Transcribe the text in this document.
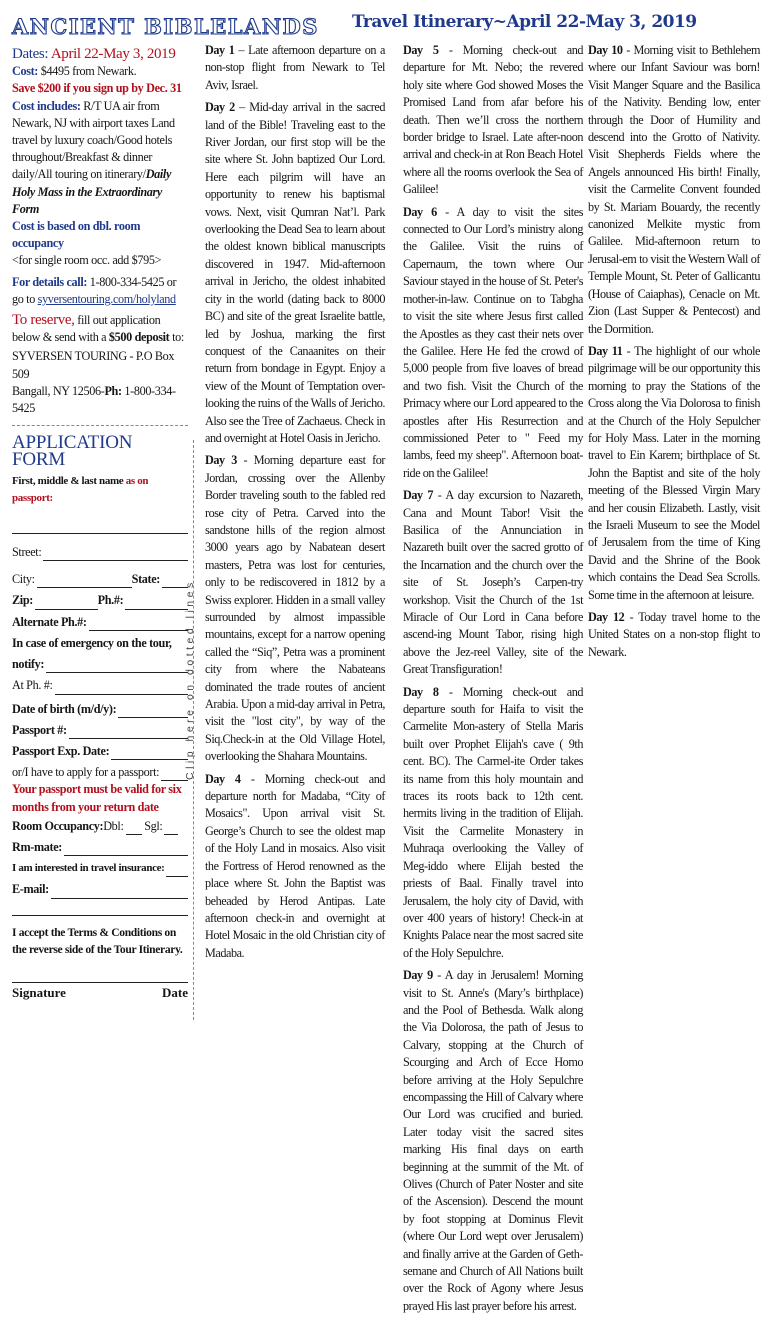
ANCIENT BIBLELANDS

Dates: April 22-May 3, 2019

Cost: $4495 from Newark.

Save $200 if you sign up by Dec. 31

Cost includes: R/T UA air from Newark, NJ with airport taxes Land travel by luxury coach/Good hotels throughout/Breakfast & dinner daily/All touring on itinerary/Daily Holy Mass in the Extraordinary Form

Cost is based on dbl. room occupancy

<for single room occ. add $795>

For details call: 1-800-334-5425 or go to syversentouring.com/holyland

To reserve, fill out application below & send with a $500 deposit to:

SYVERSEN TOURING - P.O Box 509

Bangall, NY 12506-Ph: 1-800-334-5425

APPLICATION FORM

First, middle & last name as on passport:

Street:

City:	State:

Zip:	Ph.#:

Alternate Ph.#:

In case of emergency on the tour,

notify:

At Ph. #:

Date of birth (m/d/y):

Passport #:

Passport Exp. Date:

or/I have to apply for a passport:

Your passport must be valid for six months from your return date

Room Occupancy: Dbl:
Sgl:

Rm-mate:

I am interested in travel insurance:

E-mail:

I accept the Terms & Conditions on the reverse side of the Tour Itinerary.

Signature	Date
Clip here on dotted lines
Travel Itinerary~April 22-May 3, 2019

Day 1 – Late afternoon departure on a non-stop flight from Newark to Tel Aviv, Israel.

Day 2 – Mid-day arrival in the sacred land of the Bible! Traveling east to the River Jordan, our first stop will be the site where St. John baptized Our Lord. Here each pilgrim will have an opportunity to renew his baptismal vows. Next, visit Qumran Nat’l. Park overlooking the Dead Sea to learn about the oldest known biblical manuscripts discovered in 1947. Mid-afternoon arrival in Jericho, the oldest inhabited city in the world (dating back to 8000 BC) and site of the great Israelite battle, led by Joshua, marking the first conquest of the Canaanites on their return from bondage in Egypt. Enjoy a view of the Mount of Temptation over-looking the ruins of the Walls of Jericho. Also see the Tree of Zachaeus. Check in and overnight at Hotel Oasis in Jericho.

Day 3 - Morning departure east for Jordan, crossing over the Allenby Border traveling south to the fabled red rose city of Petra. Carved into the sandstone hills of the region almost 3000 years ago by Nabatean desert masters, Petra was lost for centuries, only to be rediscovered in 1812 by a Swiss explorer. Hidden in a small valley surrounded by almost impassible mountains, except for a narrow opening called the “Siq”, Petra was a prominent city from where the Nabateans dominated the trade routes of ancient Arabia. Upon a mid-day arrival in Petra, visit the "lost city", by way of the Siq.Check-in at the Old Village Hotel, overlooking the Shahara Mountains.

Day 4 - Morning check-out and departure north for Madaba, “City of Mosaics". Upon arrival visit St. George’s Church to see the oldest map of the Holy Land in mosaics. Also visit the Fortress of Herod renowned as the place where St. John the Baptist was beheaded by Herod Antipas. Late afternoon check-in and overnight at Hotel Mosaic in the old Christian city of Madaba.

Day 5 - Morning check-out and departure for Mt. Nebo; the revered holy site where God showed Moses the Promised Land from afar before his death. Then we’ll cross the northern border bridge to Israel. Late after-noon arrival and check-in at Ron Beach Hotel where all the rooms overlook the Sea of Galilee!

Day 6 - A day to visit the sites connected to Our Lord’s ministry along the Galilee. Visit the ruins of Capernaum, the town where Our Saviour stayed in the house of St. Peter's mother-in-law. Continue on to Tabgha to visit the site where Jesus first called the Apostles as they cast their nets over the Galilee. Here He fed the crowd of 5,000 people from five loaves of bread and two fish. Visit the Church of the Primacy where our Lord appeared to the apostles after His Resurrection and commissioned Peter to " Feed my lambs, feed my sheep". Afternoon boat-ride on the Galilee!

Day 7 - A day excursion to Nazareth, Cana and Mount Tabor! Visit the Basilica of the Annunciation in Nazareth built over the sacred grotto of the Incarnation and the church over the site of St. Joseph’s Carpen-try workshop. Visit the Church of the 1st Miracle of Our Lord in Cana before ascend-ing Mount Tabor, rising high above the Jez-reel Valley, site of the Great Transfiguration!

Day 8 - Morning check-out and departure south for Haifa to visit the Carmelite Mon-astery of Stella Maris built over Prophet Elijah's cave ( 9th cent. BC). The Carmel-ite Order takes its name from this holy mountain and traces its roots back to 12th cent. hermits living in the tradition of Elijah. Visit the Carmelite Monastery in Muhraqa overlooking the Valley of Meg-iddo where Elijah bested the priests of Baal. Finally travel into Jerusalem, the holy city of David, with over 400 years of history! Check-in at Knights Palace near the most sacred site of the Holy Sepulchre.

Day 9 - A day in Jerusalem! Morning visit to St. Anne's (Mary’s birthplace) and the Pool of Bethesda. Walk along the Via Dolorosa, the path of Jesus to Calvary, stopping at the Church of Scourging and Arch of Ecce Homo before arriving at the Holy Sepulchre encompassing the Hill of Calvary where Our Lord was crucified and buried. Later today visit the sacred sites marking His final days on earth beginning at the summit of the Mt. of Olives (Church of Pater Noster and site of the Ascension). Descend the mount by foot stopping at Dominus Flevit (where Our Lord wept over Jerusalem) and finally arrive at the Garden of Geth-semane and Church of All Nations built over the Rock of Agony where Jesus prayed His last prayer before his arrest.

Day 10 - Morning visit to Bethlehem where our Infant Saviour was born! Visit Manger Square and the Basilica of the Nativity. Bending low, enter through the Door of Humility and descend into the Grotto of Nativity. Visit Shepherds Fields where the Angels announced His birth! Finally, visit the Carmelite Convent founded by St. Mariam Bouardy, the recently canonized Melkite mystic from Galilee. Mid-afternoon return to Jerusal-em to visit the Western Wall of Temple Mount, St. Peter of Gallicantu (House of Caiaphas), Cenacle on Mt. Zion (Last Supper & Pentecost) and the Dormition.

Day 11 - The highlight of our whole pilgrimage will be our opportunity this morning to pray the Stations of the Cross along the Via Dolorosa to finish at the Church of the Holy Sepulcher for Holy Mass. Later in the morning travel to Ein Karem; birthplace of St. John the Baptist and site of the holy meeting of the Blessed Virgin Mary and her cousin Elizabeth. Lastly, visit the Israeli Museum to see the Model of Jerusalem from the time of King David and the Shrine of the Book which contains the Dead Sea Scrolls. Some time in the afternoon at leisure.

Day 12 - Today travel home to the United States on a non-stop flight to Newark.
